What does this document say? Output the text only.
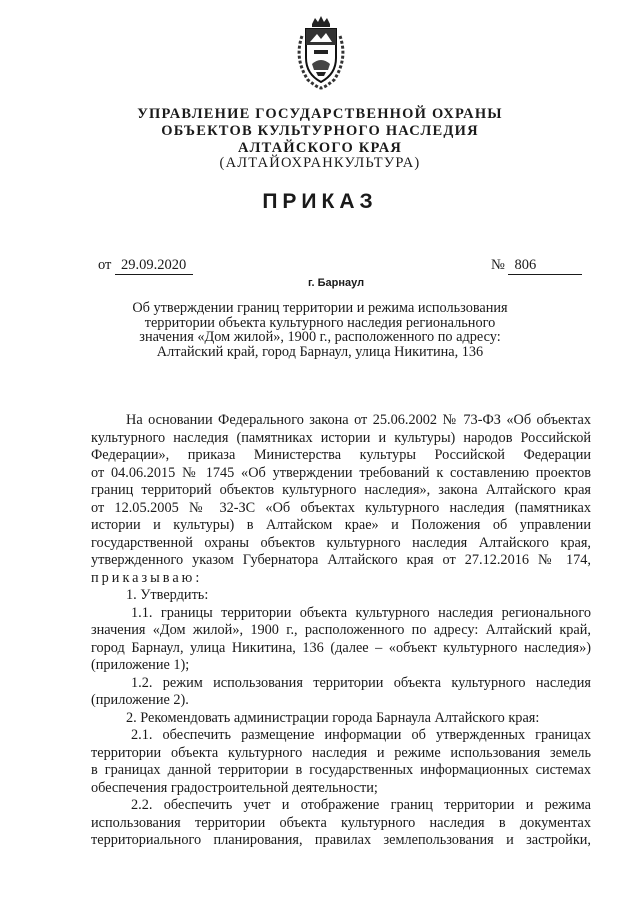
УПРАВЛЕНИЕ ГОСУДАРСТВЕННОЙ ОХРАНЫ
ОБЪЕКТОВ КУЛЬТУРНОГО НАСЛЕДИЯ
АЛТАЙСКОГО КРАЯ
(АЛТАЙОХРАНКУЛЬТУРА)
ПРИКАЗ
от 29.09.2020	№ 806
г. Барнаул
Об утверждении границ территории и режима использования
территории объекта культурного наследия регионального
значения «Дом жилой», 1900 г., расположенного по адресу:
Алтайский край, город Барнаул, улица Никитина, 136

На основании Федерального закона от 25.06.2002 № 73-ФЗ «Об объектах

культурного наследия (памятниках истории и культуры) народов Российской

Федерации», приказа Министерства культуры Российской Федерации

от 04.06.2015 № 1745 «Об утверждении требований к составлению проектов

границ территорий объектов культурного наследия», закона Алтайского края

от 12.05.2005 № 32-ЗС «Об объектах культурного наследия (памятниках

истории и культуры) в Алтайском крае» и Положения об управлении

государственной охраны объектов культурного наследия Алтайского края,

утвержденного указом Губернатора Алтайского края от 27.12.2016 № 174,

приказываю:

1. Утвердить:

1.1. границы территории объекта культурного наследия регионального

значения «Дом жилой», 1900 г., расположенного по адресу: Алтайский край,

город Барнаул, улица Никитина, 136 (далее – «объект культурного наследия»)

(приложение 1);

1.2. режим использования территории объекта культурного наследия

(приложение 2).

2. Рекомендовать администрации города Барнаула Алтайского края:

2.1. обеспечить размещение информации об утвержденных границах

территории объекта культурного наследия и режиме использования земель

в границах данной территории в государственных информационных системах

обеспечения градостроительной деятельности;

2.2. обеспечить учет и отображение границ территории и режима

использования территории объекта культурного наследия в документах

территориального планирования, правилах землепользования и застройки,
